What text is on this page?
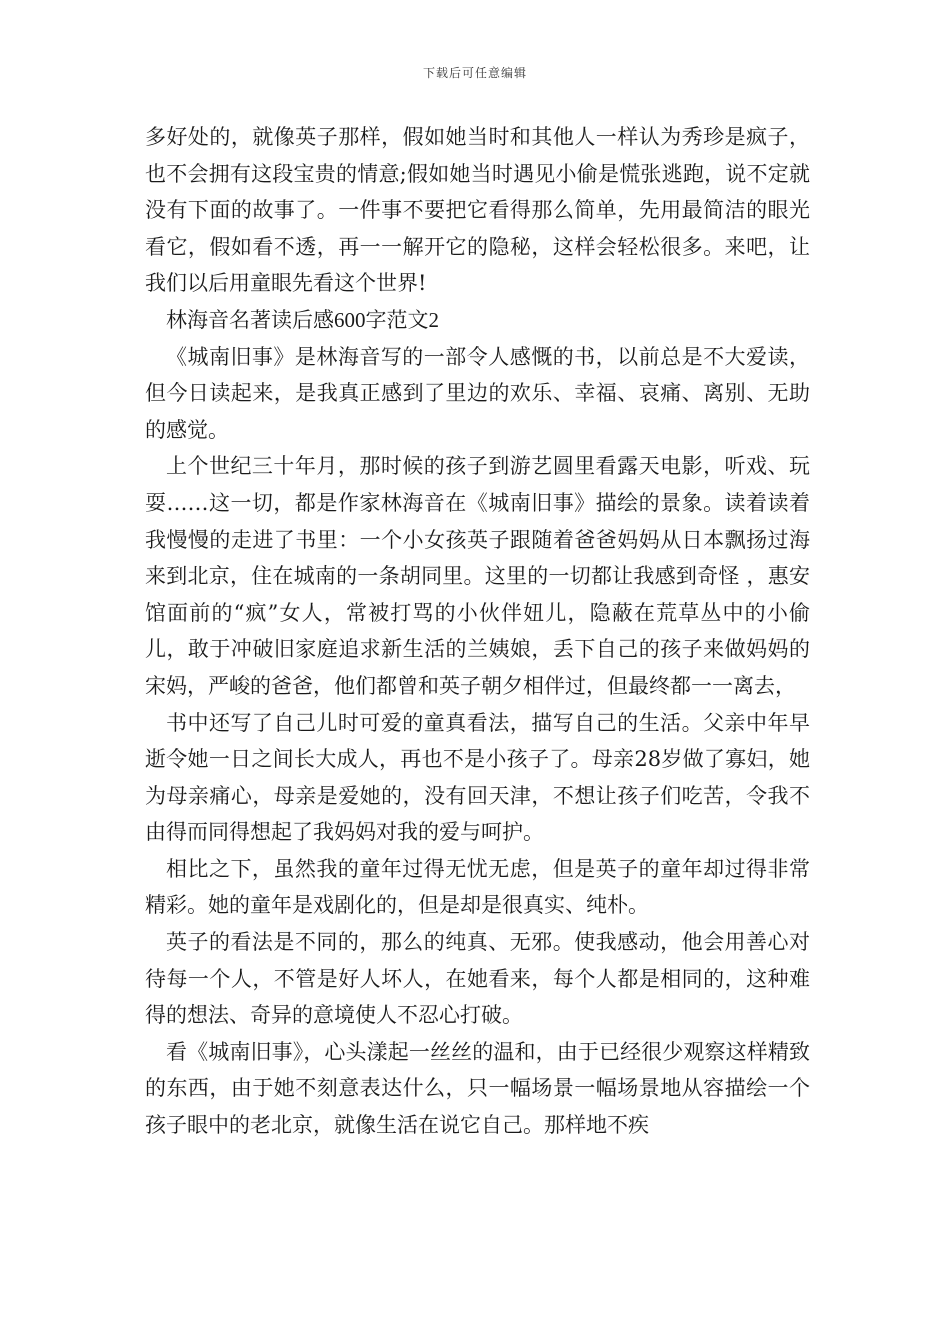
下载后可任意编辑

多好处的，就像英子那样，假如她当时和其他人一样认为秀珍是疯子，也不会拥有这段宝贵的情意;假如她当时遇见小偷是慌张逃跑，说不定就没有下面的故事了。一件事不要把它看得那么简单，先用最简洁的眼光看它，假如看不透，再一一解开它的隐秘，这样会轻松很多。来吧，让我们以后用童眼先看这个世界!

林海音名著读后感600字范文2

《城南旧事》是林海音写的一部令人感慨的书，以前总是不大爱读，但今日读起来，是我真正感到了里边的欢乐、幸福、哀痛、离别、无助的感觉。

上个世纪三十年月，那时候的孩子到游艺圆里看露天电影，听戏、玩耍……这一切，都是作家林海音在《城南旧事》描绘的景象。读着读着我慢慢的走进了书里：一个小女孩英子跟随着爸爸妈妈从日本飘扬过海来到北京，住在城南的一条胡同里。这里的一切都让我感到奇怪 ，惠安馆面前的“疯”女人，常被打骂的小伙伴妞儿，隐蔽在荒草丛中的小偷儿，敢于冲破旧家庭追求新生活的兰姨娘，丢下自己的孩子来做妈妈的宋妈，严峻的爸爸，他们都曾和英子朝夕相伴过，但最终都一一离去，

书中还写了自己儿时可爱的童真看法，描写自己的生活。父亲中年早逝令她一日之间长大成人，再也不是小孩子了。母亲28岁做了寡妇，她为母亲痛心，母亲是爱她的，没有回天津，不想让孩子们吃苦，令我不由得而同得想起了我妈妈对我的爱与呵护。

相比之下，虽然我的童年过得无忧无虑，但是英子的童年却过得非常精彩。她的童年是戏剧化的，但是却是很真实、纯朴。

英子的看法是不同的，那么的纯真、无邪。使我感动，他会用善心对待每一个人，不管是好人坏人，在她看来，每个人都是相同的，这种难得的想法、奇异的意境使人不忍心打破。

看《城南旧事》，心头漾起一丝丝的温和，由于已经很少观察这样精致的东西，由于她不刻意表达什么，只一幅场景一幅场景地从容描绘一个孩子眼中的老北京，就像生活在说它自己。那样地不疾
